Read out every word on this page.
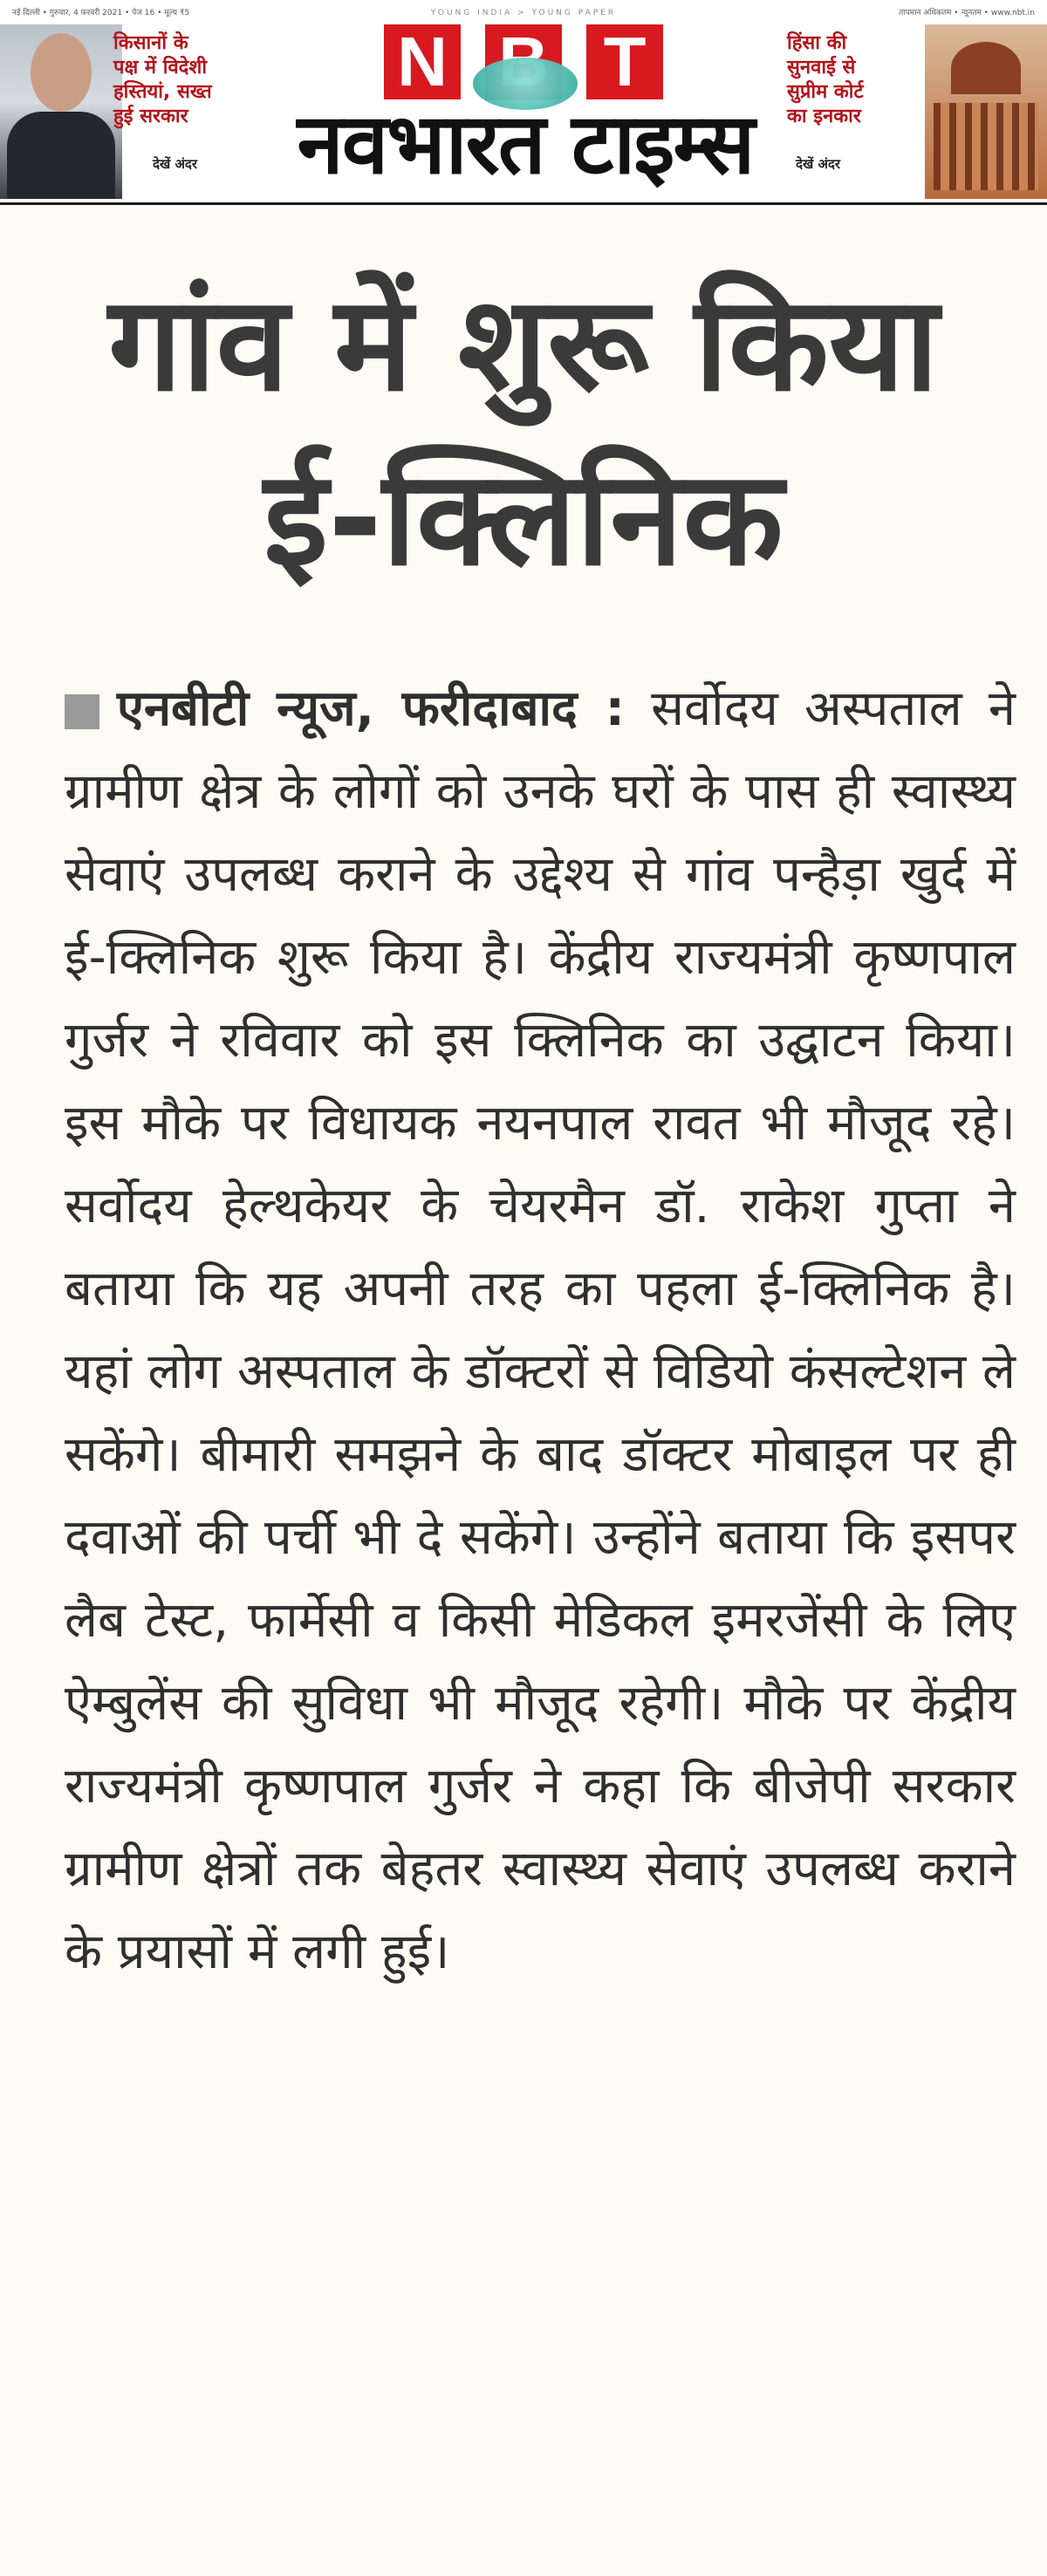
नई दिल्ली • गुरुवार, 4 फरवरी 2021 • पेज 16 • मूल्य ₹5	YOUNG INDIA > YOUNG PAPER	तापमान अधिकतम • न्यूनतम • www.nbt.in
किसानों के
पक्ष में विदेशी
हस्तियां, सख्त
हुई सरकार
देखें अंदर
N T
नवभारत टाइम्स
हिंसा की
सुनवाई से
सुप्रीम कोर्ट
का इनकार
देखें अंदर
गांव में शुरू किया
ई-क्लिनिक
एनबीटी न्यूज, फरीदाबाद : सर्वोदय अस्पताल ने ग्रामीण क्षेत्र के लोगों को उनके घरों के पास ही स्वास्थ्य सेवाएं उपलब्ध कराने के उद्देश्य से गांव पन्हैड़ा खुर्द में ई-क्लिनिक शुरू किया है। केंद्रीय राज्यमंत्री कृष्णपाल गुर्जर ने रविवार को इस क्लिनिक का उद्घाटन किया। इस मौके पर विधायक नयनपाल रावत भी मौजूद रहे। सर्वोदय हेल्थकेयर के चेयरमैन डॉ. राकेश गुप्ता ने बताया कि यह अपनी तरह का पहला ई-क्लिनिक है। यहां लोग अस्पताल के डॉक्टरों से विडियो कंसल्टेशन ले सकेंगे। बीमारी समझने के बाद डॉक्टर मोबाइल पर ही दवाओं की पर्ची भी दे सकेंगे। उन्होंने बताया कि इसपर लैब टेस्ट, फार्मेसी व किसी मेडिकल इमरजेंसी के लिए ऐम्बुलेंस की सुविधा भी मौजूद रहेगी। मौके पर केंद्रीय राज्यमंत्री कृष्णपाल गुर्जर ने कहा कि बीजेपी सरकार ग्रामीण क्षेत्रों तक बेहतर स्वास्थ्य सेवाएं उपलब्ध कराने के प्रयासों में लगी हुई।
